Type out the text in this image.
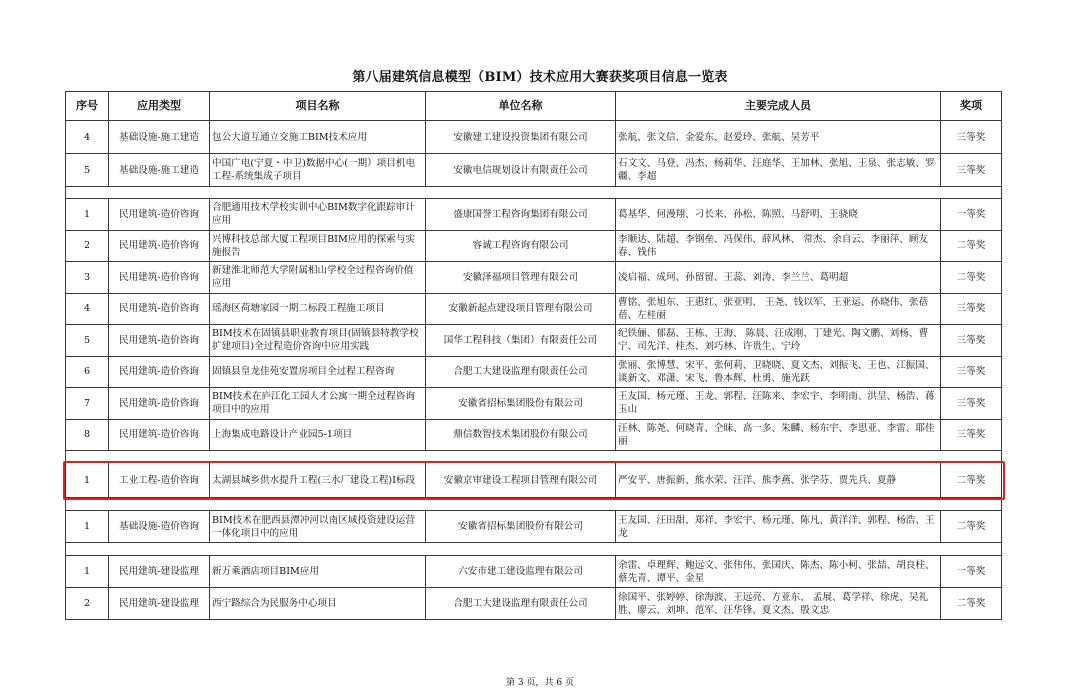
第八届建筑信息模型（BIM）技术应用大赛获奖项目信息一览表
序号	应用类型	项目名称	单位名称	主要完成人员	奖项
4	基础设施-施工建造	包公大道互通立交施工BIM技术应用	安徽建工建设投资集团有限公司	张航、张文信、金爱东、赵爱玲、张航、吴芳平	三等奖
5	基础设施-施工建造	中国广电(宁夏・中卫)数据中心(一期）项目机电工程-系统集成子项目	安徽电信规划设计有限责任公司	石文文、马登、冯杰、杨莉华、汪庭华、王加林、张旭、王泉、张志敏、罗疆、李超	三等奖

1	民用建筑-造价咨询	合肥通用技术学校实训中心BIM数字化跟踪审计应用	盛康国誉工程咨询集团有限公司	葛基华、何漫翔、刁长来、孙松、陈照、马舒明、王骁晓	一等奖
2	民用建筑-造价咨询	兴博科技总部大厦工程项目BIM应用的探索与实施报告	容诚工程咨询有限公司	李顺达、陆超、李钢垒、冯保伟、薛风林、 常杰、余自云、李丽萍、顾友春、钱伟	二等奖
3	民用建筑-造价咨询	新建淮北师范大学附属相山学校全过程咨询价值应用	安徽泽福项目管理有限公司	凌启福、成珂、孙留留、王蕊、刘涛、李兰兰、葛明超	二等奖
4	民用建筑-造价咨询	瑶海区荷塘家园一期二标段工程施工项目	安徽新起点建设项目管理有限公司	曹铭、张旭东、王惠红、张亚明、 王尧、钱以军、王亚运、孙晓伟、张蓓蓓、左桂丽	三等奖
5	民用建筑-造价咨询	BIM技术在固镇县职业教育项目(固镇县特教学校扩建项目)全过程造价咨询中应用实践	国华工程科技（集团）有限责任公司	纪铁俪、郁磊、王栋、王海、 陈晨、汪成刚、丁建光、陶文鹏、刘杨、曹宁、司先洋、桂杰、刘巧林、许贵生、宁玲	三等奖
6	民用建筑-造价咨询	固镇县皇龙佳苑安置房项目全过程工程咨询	合肥工大建设监理有限责任公司	张丽、张博慧、宋平、张何莉、卫晓晓、夏文杰、刘振飞、王也、江振国、谈新文、邓潇、宋飞、鲁本辉、杜勇、施光跃	三等奖
7	民用建筑-造价咨询	BIM技术在庐江化工园人才公寓一期全过程咨询项目中的应用	安徽省招标集团股份有限公司	王友国、杨元瑾、王龙、郭程、汪陈来、李宏宇、李明南、洪呈、杨浩、蒋玉山	三等奖
8	民用建筑-造价咨询	上海集成电路设计产业园5-1项目	鼎信数智技术集团股份有限公司	汪林、陈尧、何晓青、仝昧、高一多、朱麟、杨东宇、李思亚、李雷、耶佳丽	三等奖

1	工业工程-造价咨询	太湖县城乡供水提升工程(三水厂建设工程)I标段	安徽京审建设工程项目管理有限公司	严安平、唐振新、熊水荣、汪洋、熊李燕、张学芬、贾先兵、夏静	二等奖

1	基础设施-造价咨询	BIM技术在肥西县潭冲河以南区域投资建设运营一体化项目中的应用	安徽省招标集团股份有限公司	王友国、汪田甜、郑祥、李宏宇、杨元瑾、陈凡、黄洋洋、郭程、杨浩、王龙	二等奖

1	民用建筑-建设监理	新万乘酒店项目BIM应用	六安市建工建设监理有限公司	余雷、卓理辉、鲍远文、张伟伟、张国庆、陈杰、陈小柯、张喆、胡良柱、蔡先青、谭平、金星	一等奖
2	民用建筑-建设监理	西宁路综合为民服务中心项目	合肥工大建设监理有限责任公司	徐国平、张婷婷、徐海波、王远亮、方亚东、 孟展、葛学祥、徐虎、吴礼胜、廖云、刘坤、范军、汪华锋、夏文杰、殷文忠	二等奖
第 3 页，共 6 页
